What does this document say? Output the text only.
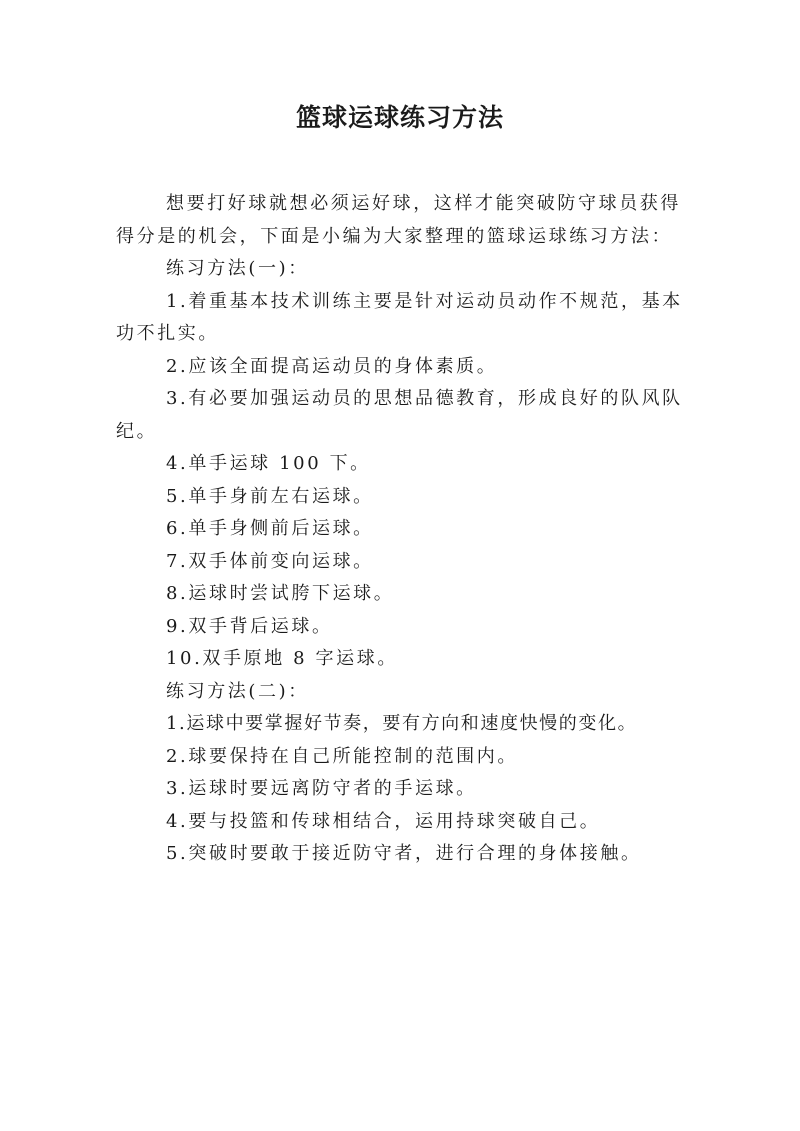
篮球运球练习方法

想要打好球就想必须运好球，这样才能突破防守球员获得得分是的机会，下面是小编为大家整理的篮球运球练习方法：

练习方法(一)：

1.着重基本技术训练主要是针对运动员动作不规范，基本功不扎实。

2.应该全面提高运动员的身体素质。

3.有必要加强运动员的思想品德教育，形成良好的队风队纪。

4.单手运球 100 下。

5.单手身前左右运球。

6.单手身侧前后运球。

7.双手体前变向运球。

8.运球时尝试胯下运球。

9.双手背后运球。

10.双手原地 8 字运球。

练习方法(二)：

1.运球中要掌握好节奏，要有方向和速度快慢的变化。

2.球要保持在自己所能控制的范围内。

3.运球时要远离防守者的手运球。

4.要与投篮和传球相结合，运用持球突破自己。

5.突破时要敢于接近防守者，进行合理的身体接触。
